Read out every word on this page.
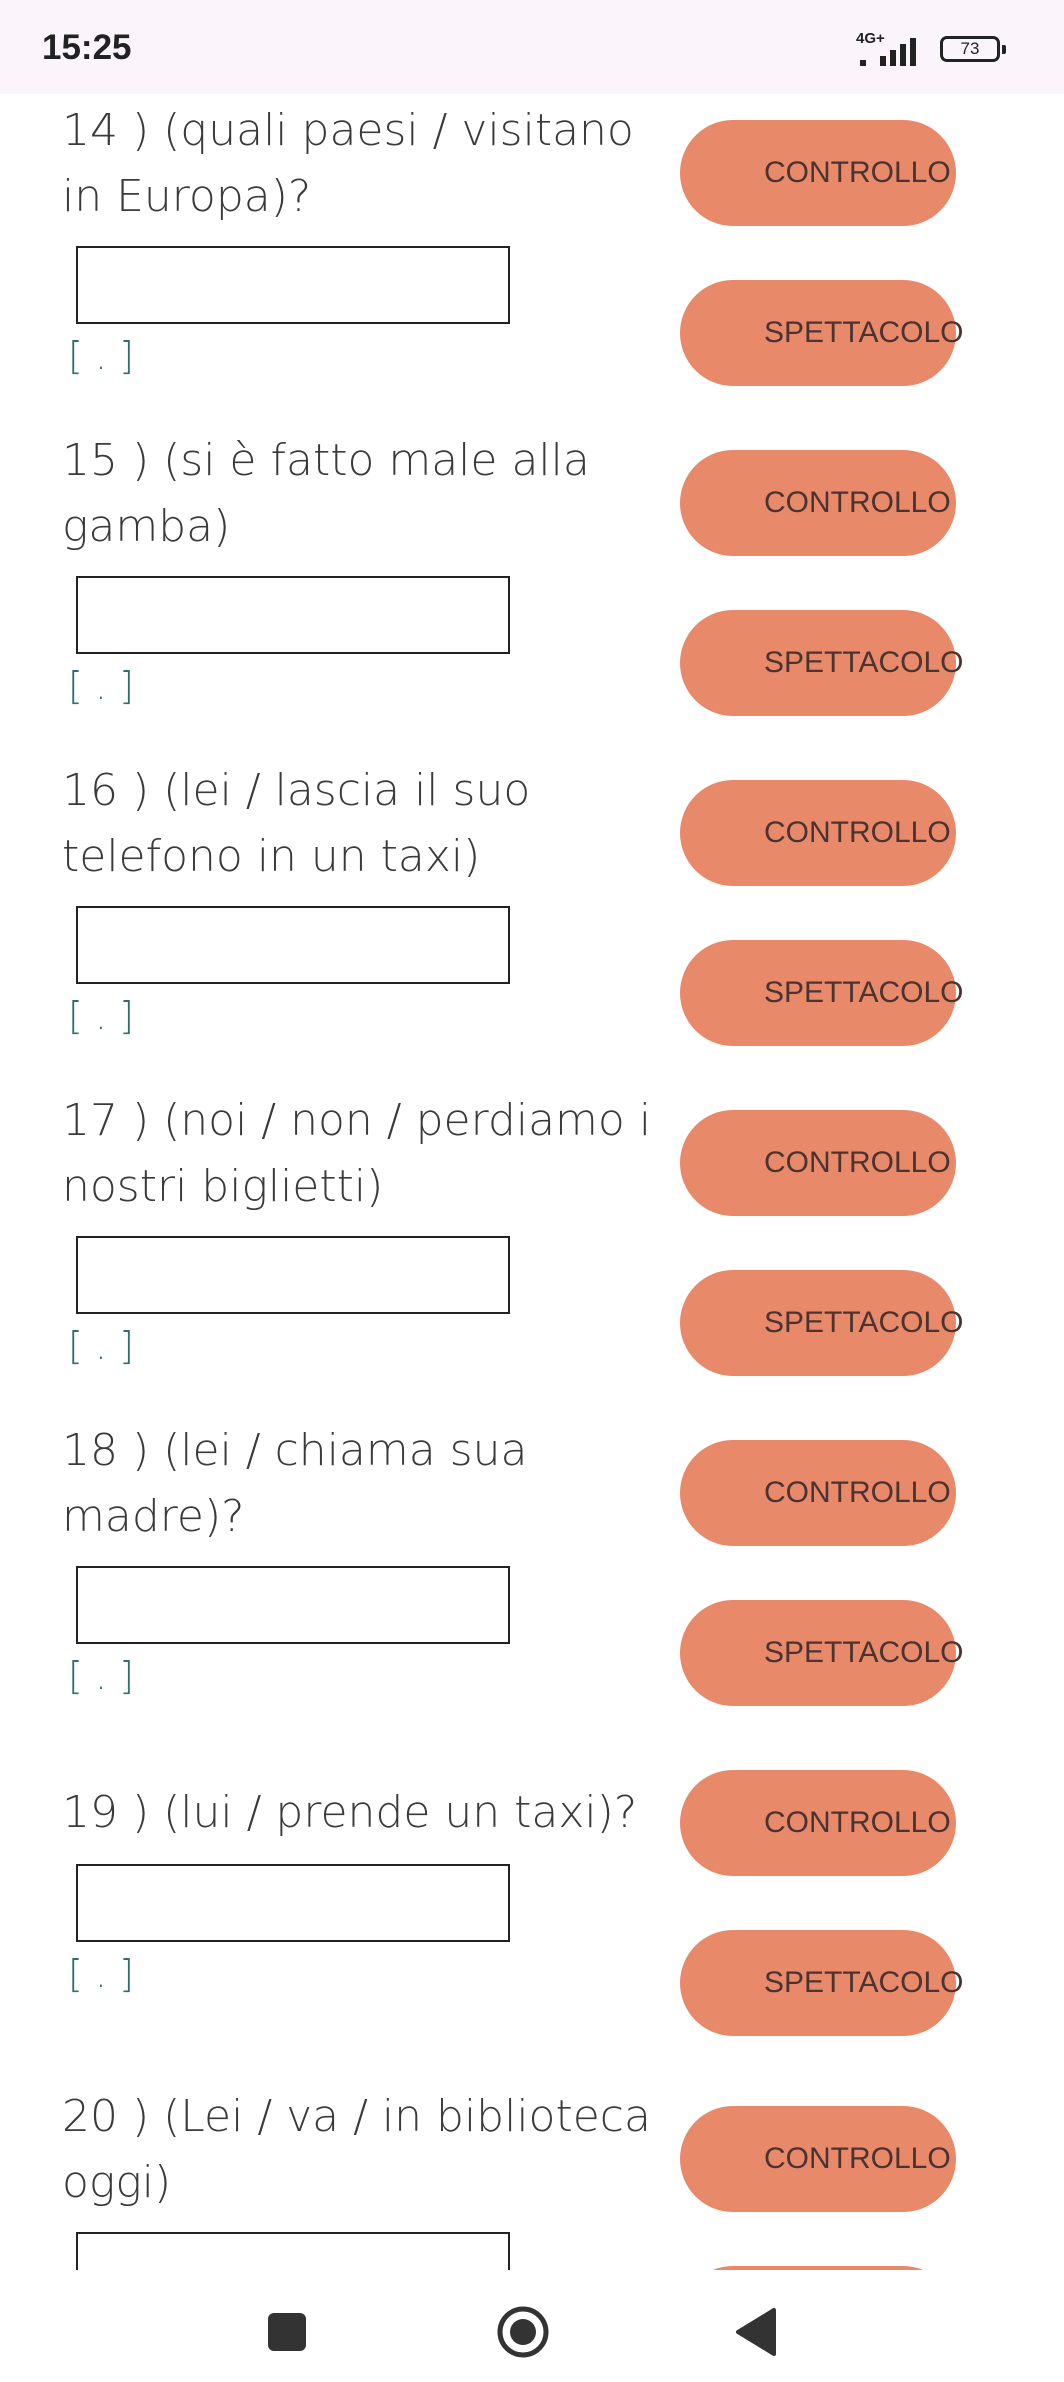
15:25	4G+
73
14 ) (quali paesi / visitano
in Europa)?
[ . ]
CONTROLLO
SPETTACOLO
15 ) (si è fatto male alla
gamba)
[ . ]
CONTROLLO
SPETTACOLO
16 ) (lei / lascia il suo
telefono in un taxi)
[ . ]
CONTROLLO
SPETTACOLO
17 ) (noi / non / perdiamo i
nostri biglietti)
[ . ]
CONTROLLO
SPETTACOLO
18 ) (lei / chiama sua
madre)?
[ . ]
CONTROLLO
SPETTACOLO
19 ) (lui / prende un taxi)?
[ . ]
CONTROLLO
SPETTACOLO
20 ) (Lei / va / in biblioteca
oggi)	CONTROLLO
